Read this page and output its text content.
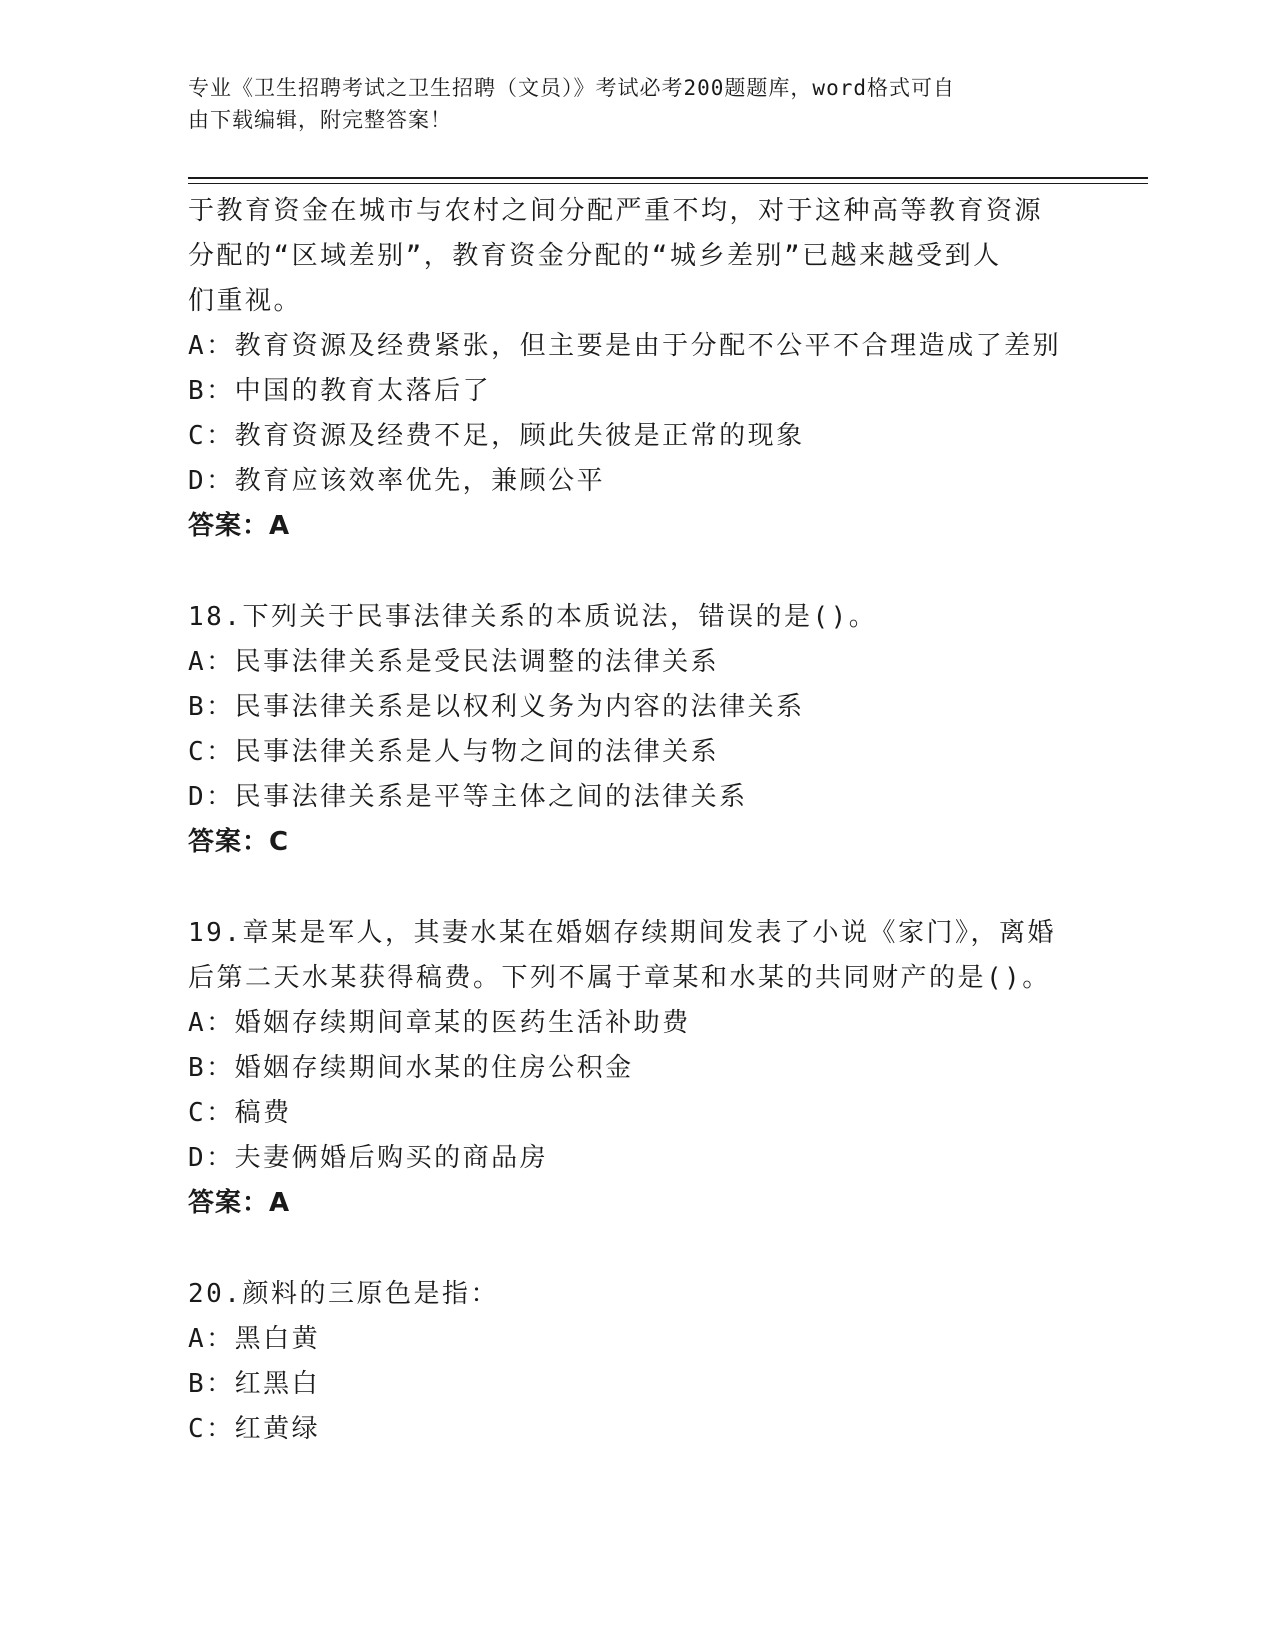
专业《卫生招聘考试之卫生招聘（文员）》考试必考200题题库，word格式可自
由下载编辑，附完整答案！
于教育资金在城市与农村之间分配严重不均，对于这种高等教育资源
分配的“区域差别”，教育资金分配的“城乡差别”已越来越受到人
们重视。
A：教育资源及经费紧张，但主要是由于分配不公平不合理造成了差别
B：中国的教育太落后了
C：教育资源及经费不足，顾此失彼是正常的现象
D：教育应该效率优先，兼顾公平
答案：A
18.下列关于民事法律关系的本质说法，错误的是()。
A：民事法律关系是受民法调整的法律关系
B：民事法律关系是以权利义务为内容的法律关系
C：民事法律关系是人与物之间的法律关系
D：民事法律关系是平等主体之间的法律关系
答案：C
19.章某是军人，其妻水某在婚姻存续期间发表了小说《家门》，离婚
后第二天水某获得稿费。下列不属于章某和水某的共同财产的是()。
A：婚姻存续期间章某的医药生活补助费
B：婚姻存续期间水某的住房公积金
C：稿费
D：夫妻俩婚后购买的商品房
答案：A
20.颜料的三原色是指：
A：黑白黄
B：红黑白
C：红黄绿
